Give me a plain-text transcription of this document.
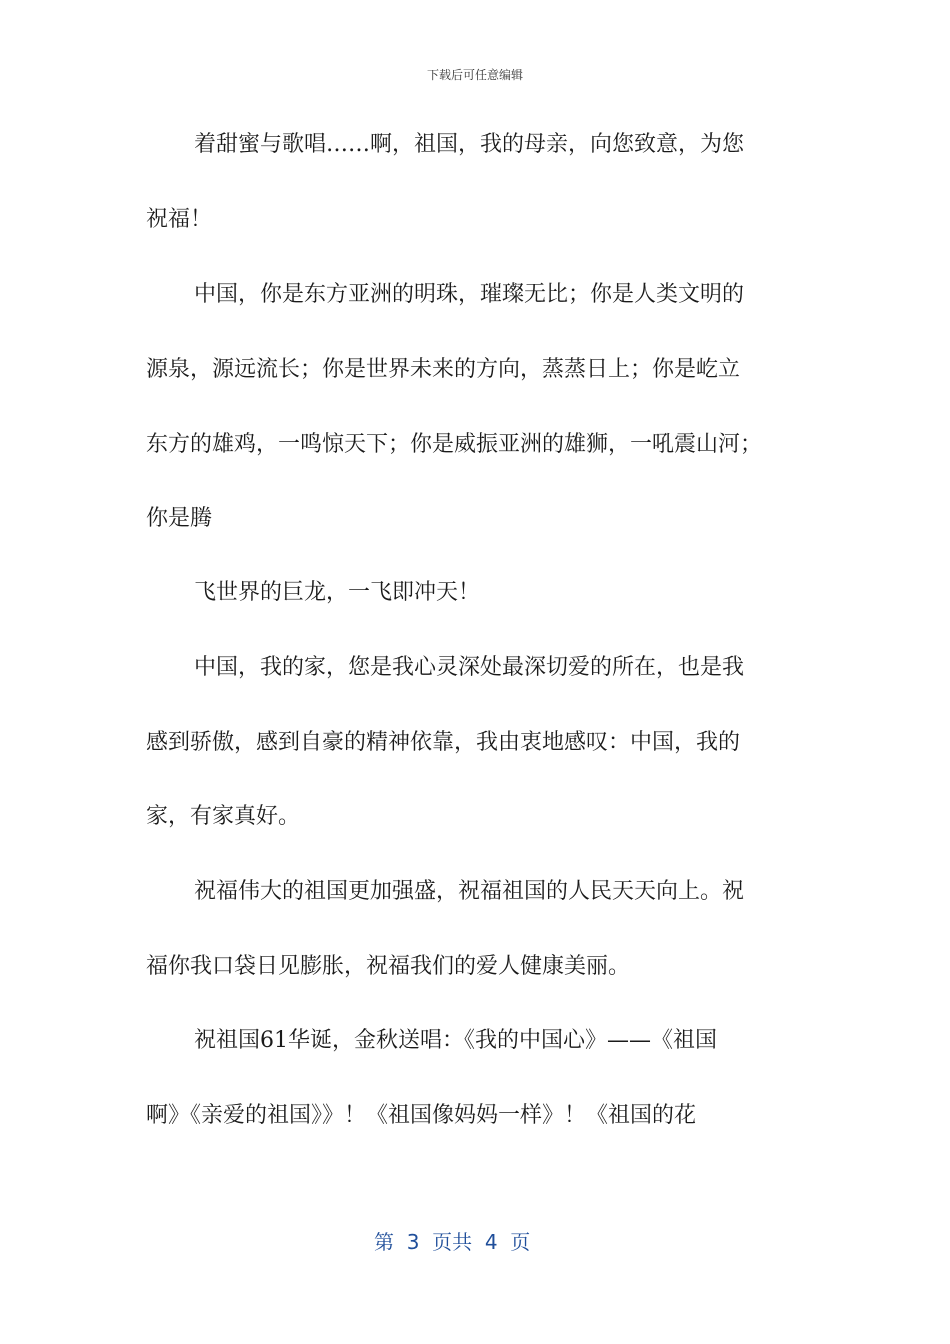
下载后可任意编辑
着甜蜜与歌唱……啊，祖国，我的母亲，向您致意，为您
祝福！
中国，你是东方亚洲的明珠，璀璨无比；你是人类文明的
源泉，源远流长；你是世界未来的方向，蒸蒸日上；你是屹立
东方的雄鸡，一鸣惊天下；你是威振亚洲的雄狮，一吼震山河；
你是腾
飞世界的巨龙，一飞即冲天！
中国，我的家，您是我心灵深处最深切爱的所在，也是我
感到骄傲，感到自豪的精神依靠，我由衷地感叹：中国，我的
家，有家真好。
祝福伟大的祖国更加强盛，祝福祖国的人民天天向上。祝
福你我口袋日见膨胀，祝福我们的爱人健康美丽。
祝祖国61华诞，金秋送唱：《我的中国心》——《祖国
啊》《亲爱的祖国》》！《祖国像妈妈一样》！《祖国的花
第  3  页共  4  页
